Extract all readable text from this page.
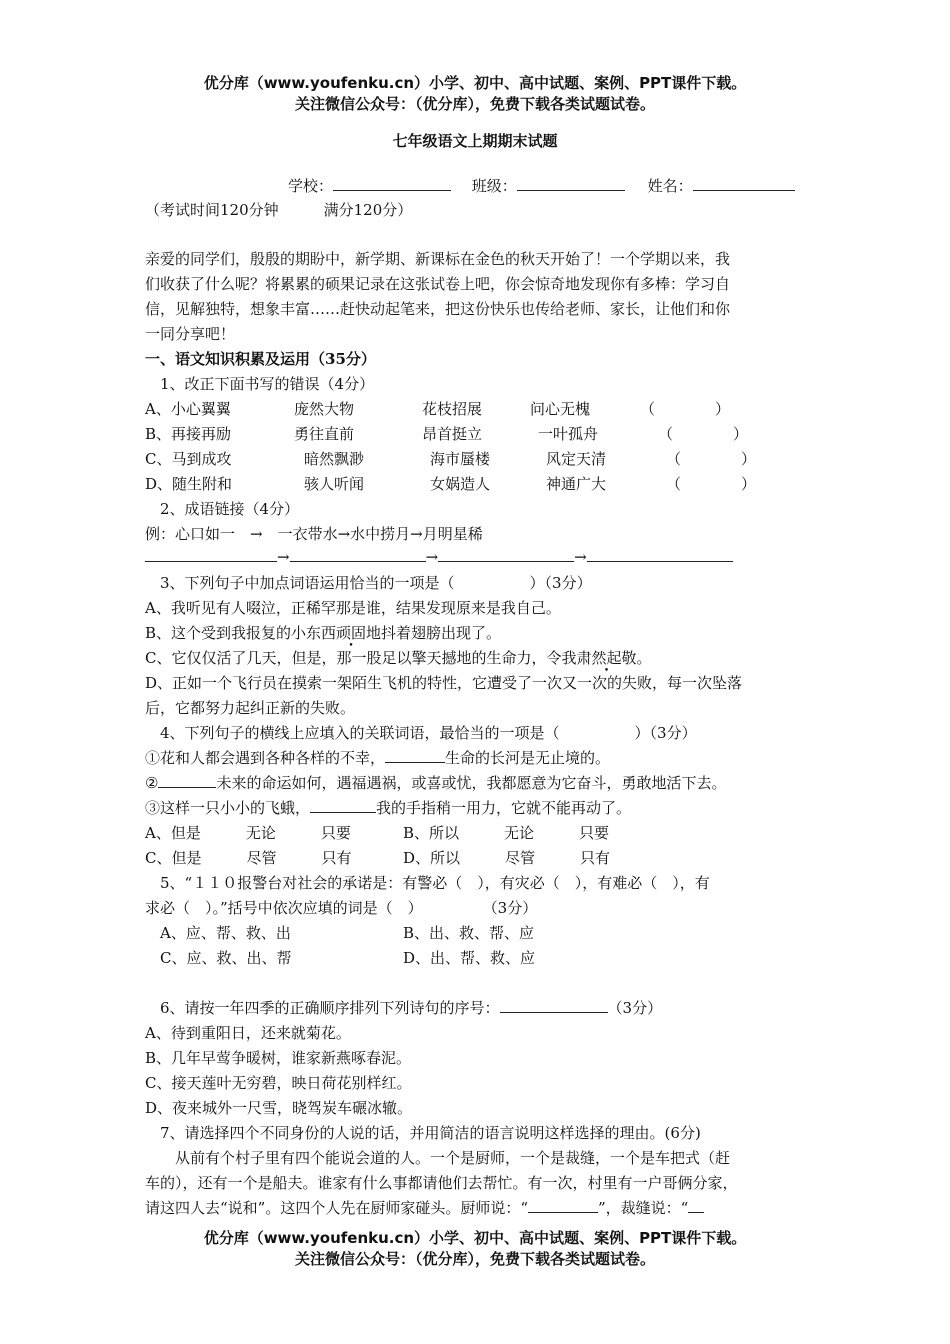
优分库（www.youfenku.cn）小学、初中、高中试题、案例、PPT课件下载。
关注微信公众号：（优分库），免费下载各类试题试卷。
七年级语文上期期末试题
学校：	班级：	姓名：
（考试时间120分钟　　　满分120分）
亲爱的同学们，殷殷的期盼中，新学期、新课标在金色的秋天开始了！一个学期以来，我
们收获了什么呢？将累累的硕果记录在这张试卷上吧，你会惊奇地发现你有多棒：学习自
信，见解独特，想象丰富……赶快动起笔来，把这份快乐也传给老师、家长，让他们和你
一同分享吧！
一、语文知识积累及运用（35分）
1、改正下面书写的错误（4分）
A、小心翼翼	庞然大物	花枝招展	问心无槐	（　　　　）
B、再接再励	勇往直前	昂首挺立	一叶孤舟	（　　　　）
C、马到成攻	暗然飘渺	海市蜃楼	风定天清	（　　　　）
D、随生附和	骇人听闻	女娲造人	神通广大	（　　　　）
2、成语链接（4分）
例：心口如一　→　一衣带水→水中捞月→月明星稀
→	→	→
3、下列句子中加点词语运用恰当的一项是（　　　　　）（3分）
A、我听见有人啜泣，正稀罕那是谁，结果发现原来是我自己。
B、这个受到我报复的小东西顽固地抖着翅膀出现了。
C、它仅仅活了几天，但是，那一股足以擎天撼地的生命力，令我肃然起敬。
D、正如一个飞行员在摸索一架陌生飞机的特性，它遭受了一次又一次的失败，每一次坠落
后，它都努力起纠正新的失败。
4、下列句子的横线上应填入的关联词语，最恰当的一项是（　　　　　）（3分）
①花和人都会遇到各种各样的不幸，	生命的长河是无止境的。
②	未来的命运如何，遇福遇祸，或喜或忧，我都愿意为它奋斗，勇敢地活下去。
③这样一只小小的飞蛾，	我的手指稍一用力，它就不能再动了。
A、但是　　　无论　　　只要	B、所以　　　无论　　　只要
C、但是　　　尽管　　　只有	D、所以　　　尽管　　　只有
5、“１１０报警台对社会的承诺是：有警必（　），有灾必（　），有难必（　），有
求必（　）。”括号中依次应填的词是（　）　　　　　（3分）
A、应、帮、救、出	B、出、救、帮、应
C、应、救、出、帮	D、出、帮、救、应
6、请按一年四季的正确顺序排列下列诗句的序号：	（3分）
A、待到重阳日，还来就菊花。
B、几年早莺争暖树，谁家新燕啄春泥。
C、接天莲叶无穷碧，映日荷花别样红。
D、夜来城外一尺雪，晓驾炭车碾冰辙。
7、请选择四个不同身份的人说的话，并用简洁的语言说明这样选择的理由。(6分)
从前有个村子里有四个能说会道的人。一个是厨师，一个是裁缝，一个是车把式（赶
车的），还有一个是船夫。谁家有什么事都请他们去帮忙。有一次，村里有一户哥俩分家，
请这四人去“说和”。这四个人先在厨师家碰头。厨师说：“	”，裁缝说：“
优分库（www.youfenku.cn）小学、初中、高中试题、案例、PPT课件下载。
关注微信公众号：（优分库），免费下载各类试题试卷。
